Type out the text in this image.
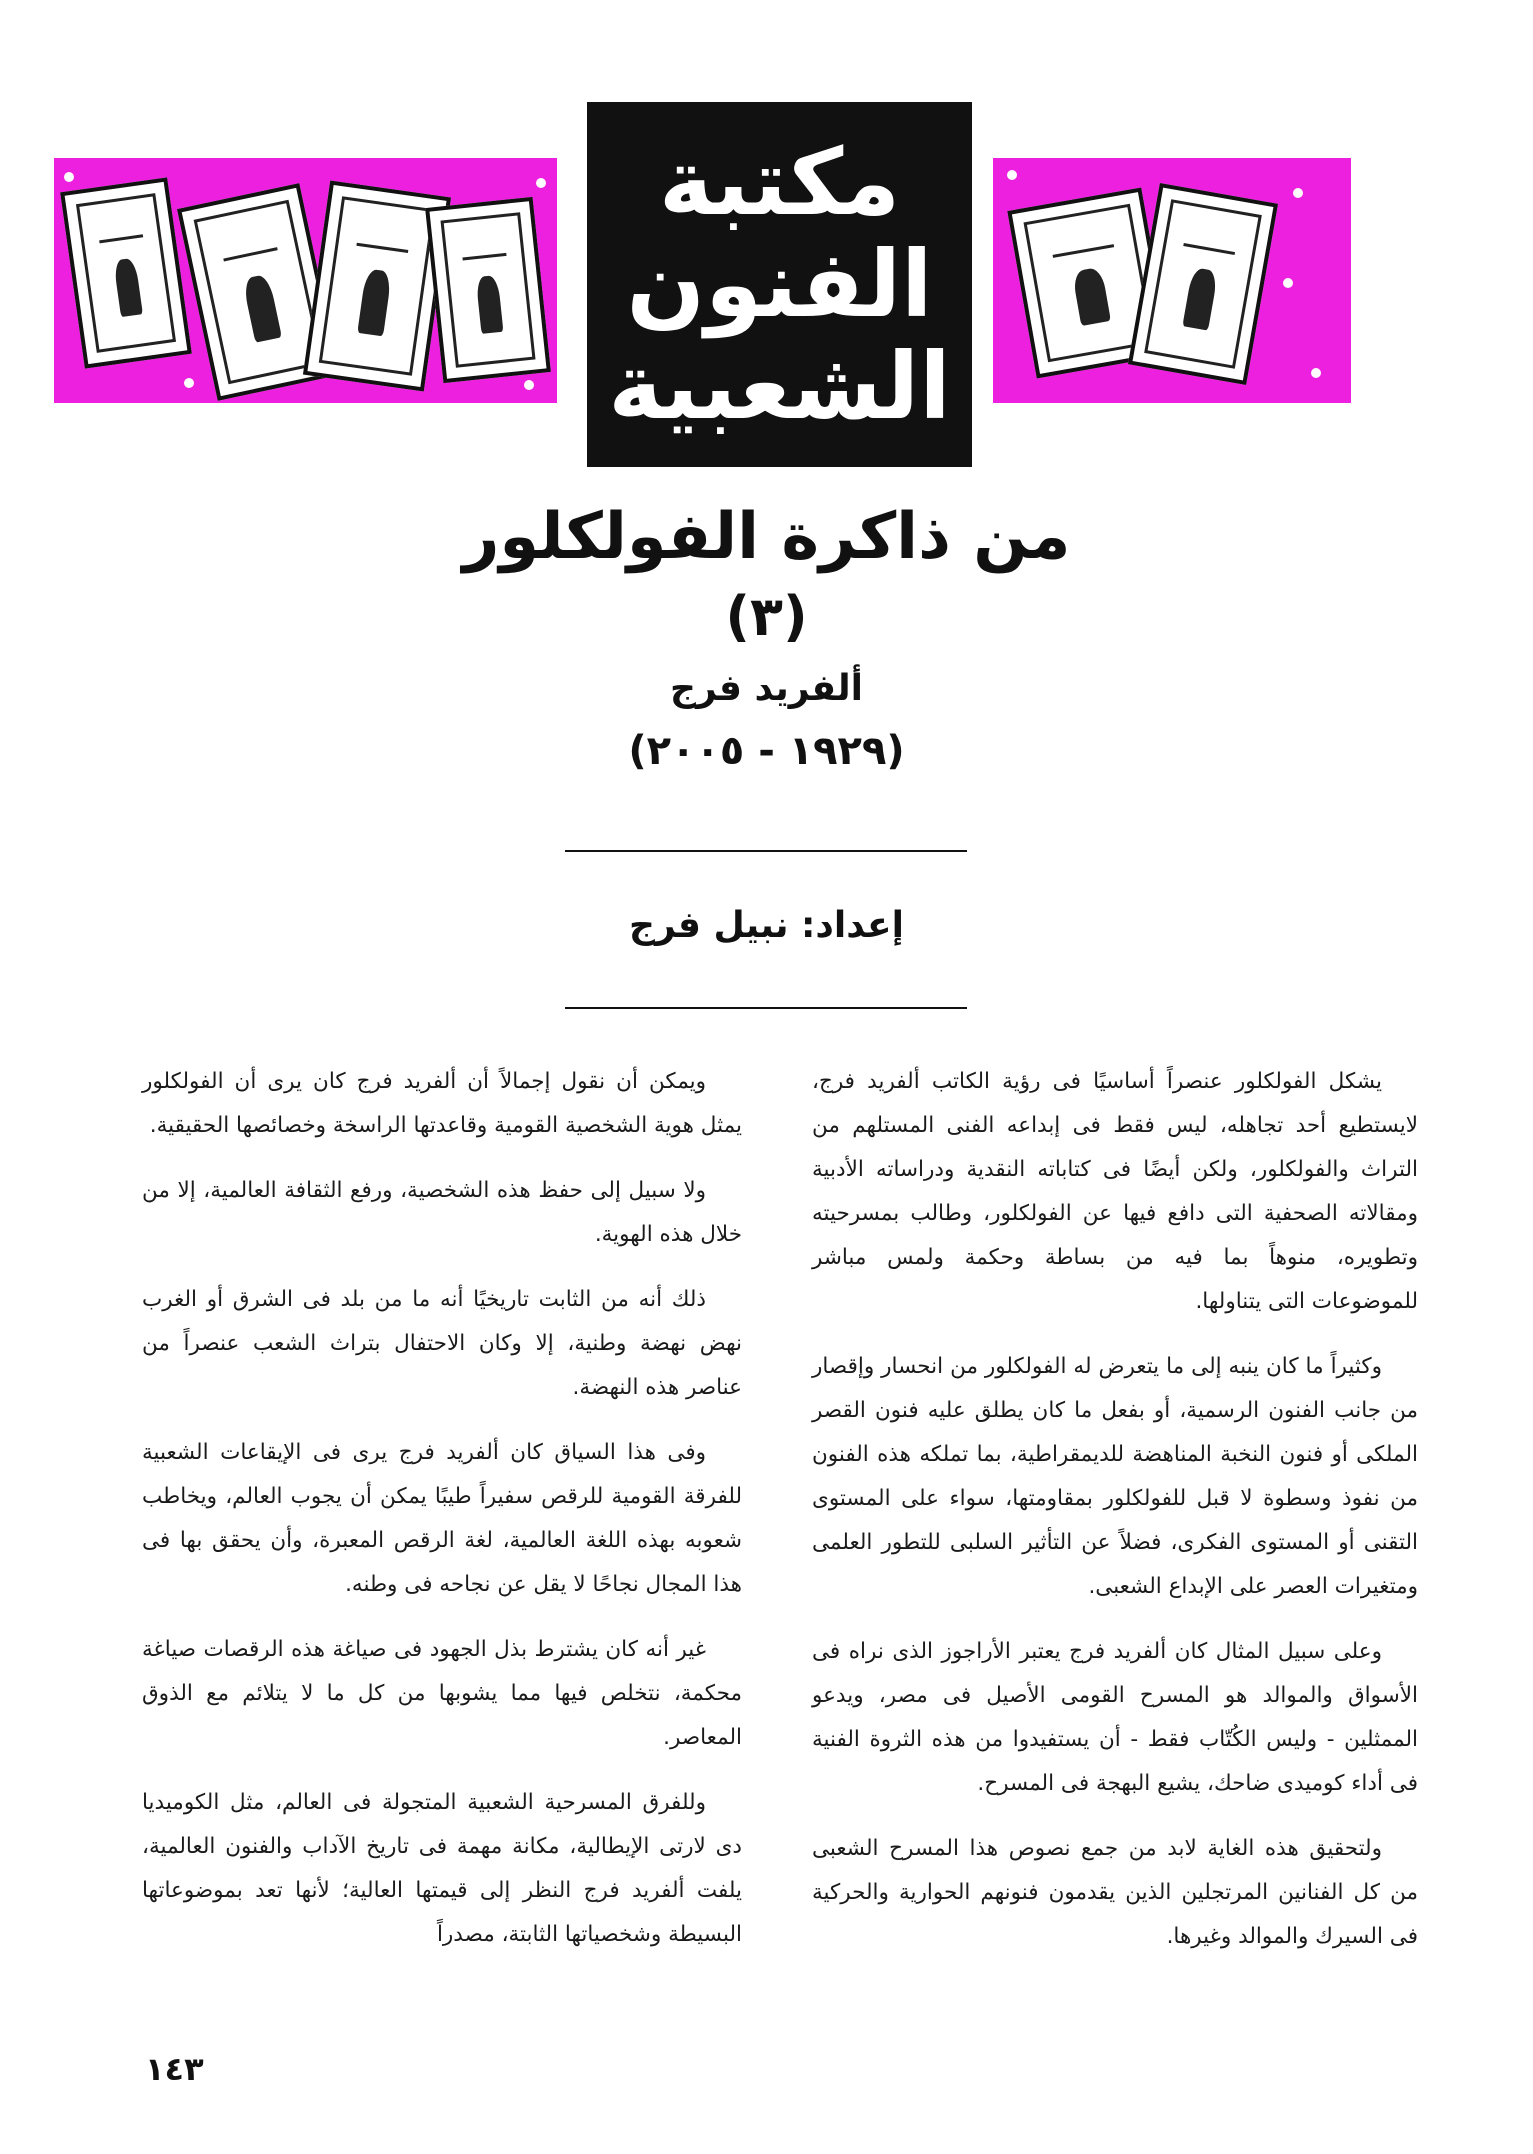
مكتبة
الفنون
الشعبية
من ذاكرة الفولكلور
(٣)
ألفريد فرج
(١٩٢٩ - ٢٠٠٥)
إعداد: نبيل فرج

يشكل الفولكلور عنصراً أساسيًا فى رؤية الكاتب ألفريد فرج، لايستطيع أحد تجاهله، ليس فقط فى إبداعه الفنى المستلهم من التراث والفولكلور، ولكن أيضًا فى كتاباته النقدية ودراساته الأدبية ومقالاته الصحفية التى دافع فيها عن الفولكلور، وطالب بمسرحيته وتطويره، منوهاً بما فيه من بساطة وحكمة ولمس مباشر للموضوعات التى يتناولها.

وكثيراً ما كان ينبه إلى ما يتعرض له الفولكلور من انحسار وإقصار من جانب الفنون الرسمية، أو بفعل ما كان يطلق عليه فنون القصر الملكى أو فنون النخبة المناهضة للديمقراطية، بما تملكه هذه الفنون من نفوذ وسطوة لا قبل للفولكلور بمقاومتها، سواء على المستوى التقنى أو المستوى الفكرى، فضلاً عن التأثير السلبى للتطور العلمى ومتغيرات العصر على الإبداع الشعبى.

وعلى سبيل المثال كان ألفريد فرج يعتبر الأراجوز الذى نراه فى الأسواق والموالد هو المسرح القومى الأصيل فى مصر، ويدعو الممثلين - وليس الكُتّاب فقط - أن يستفيدوا من هذه الثروة الفنية فى أداء كوميدى ضاحك، يشيع البهجة فى المسرح.

ولتحقيق هذه الغاية لابد من جمع نصوص هذا المسرح الشعبى من كل الفنانين المرتجلين الذين يقدمون فنونهم الحوارية والحركية فى السيرك والموالد وغيرها.

ويمكن أن نقول إجمالاً أن ألفريد فرج كان يرى أن الفولكلور يمثل هوية الشخصية القومية وقاعدتها الراسخة وخصائصها الحقيقية.

ولا سبيل إلى حفظ هذه الشخصية، ورفع الثقافة العالمية، إلا من خلال هذه الهوية.

ذلك أنه من الثابت تاريخيًا أنه ما من بلد فى الشرق أو الغرب نهض نهضة وطنية، إلا وكان الاحتفال بتراث الشعب عنصراً من عناصر هذه النهضة.

وفى هذا السياق كان ألفريد فرج يرى فى الإيقاعات الشعبية للفرقة القومية للرقص سفيراً طيبًا يمكن أن يجوب العالم، ويخاطب شعوبه بهذه اللغة العالمية، لغة الرقص المعبرة، وأن يحقق بها فى هذا المجال نجاحًا لا يقل عن نجاحه فى وطنه.

غير أنه كان يشترط بذل الجهود فى صياغة هذه الرقصات صياغة محكمة، نتخلص فيها مما يشوبها من كل ما لا يتلائم مع الذوق المعاصر.

وللفرق المسرحية الشعبية المتجولة فى العالم، مثل الكوميديا دى لارتى الإيطالية، مكانة مهمة فى تاريخ الآداب والفنون العالمية، يلفت ألفريد فرج النظر إلى قيمتها العالية؛ لأنها تعد بموضوعاتها البسيطة وشخصياتها الثابتة، مصدراً

١٤٣
